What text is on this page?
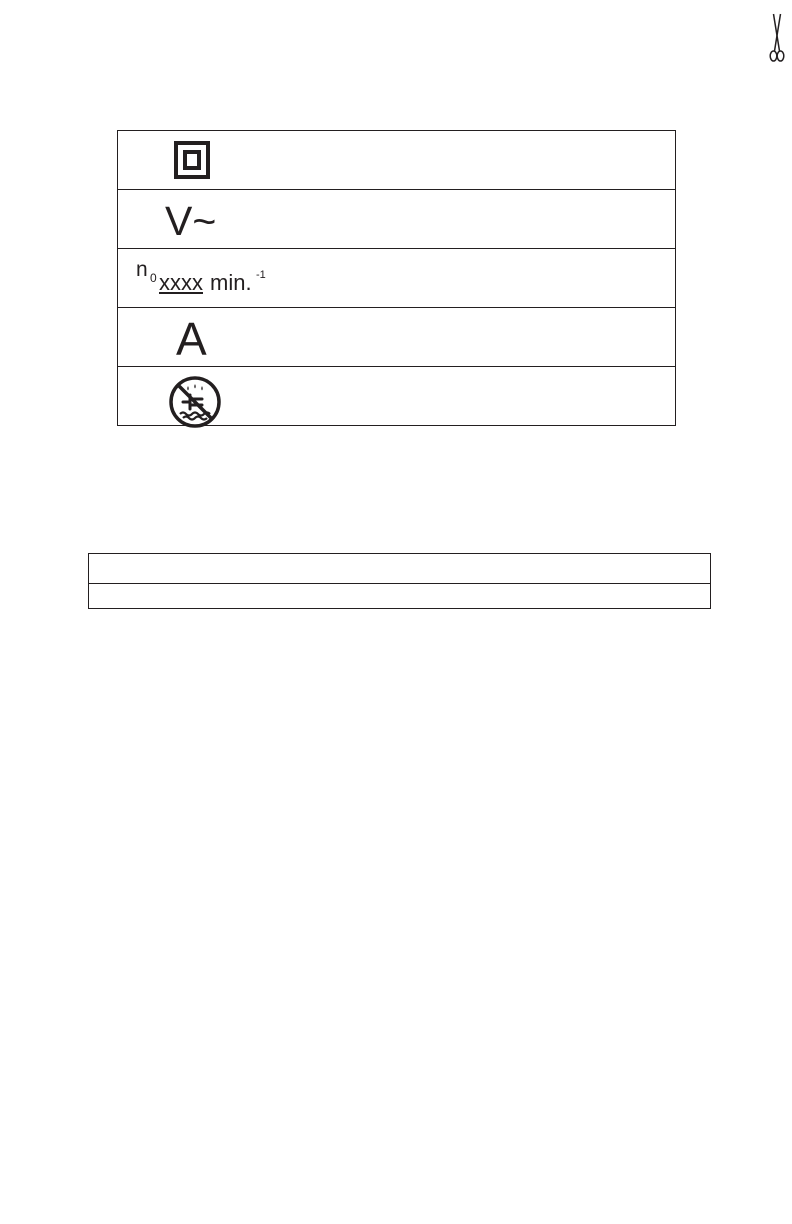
V~

n 0 xxxx min. -1

A
